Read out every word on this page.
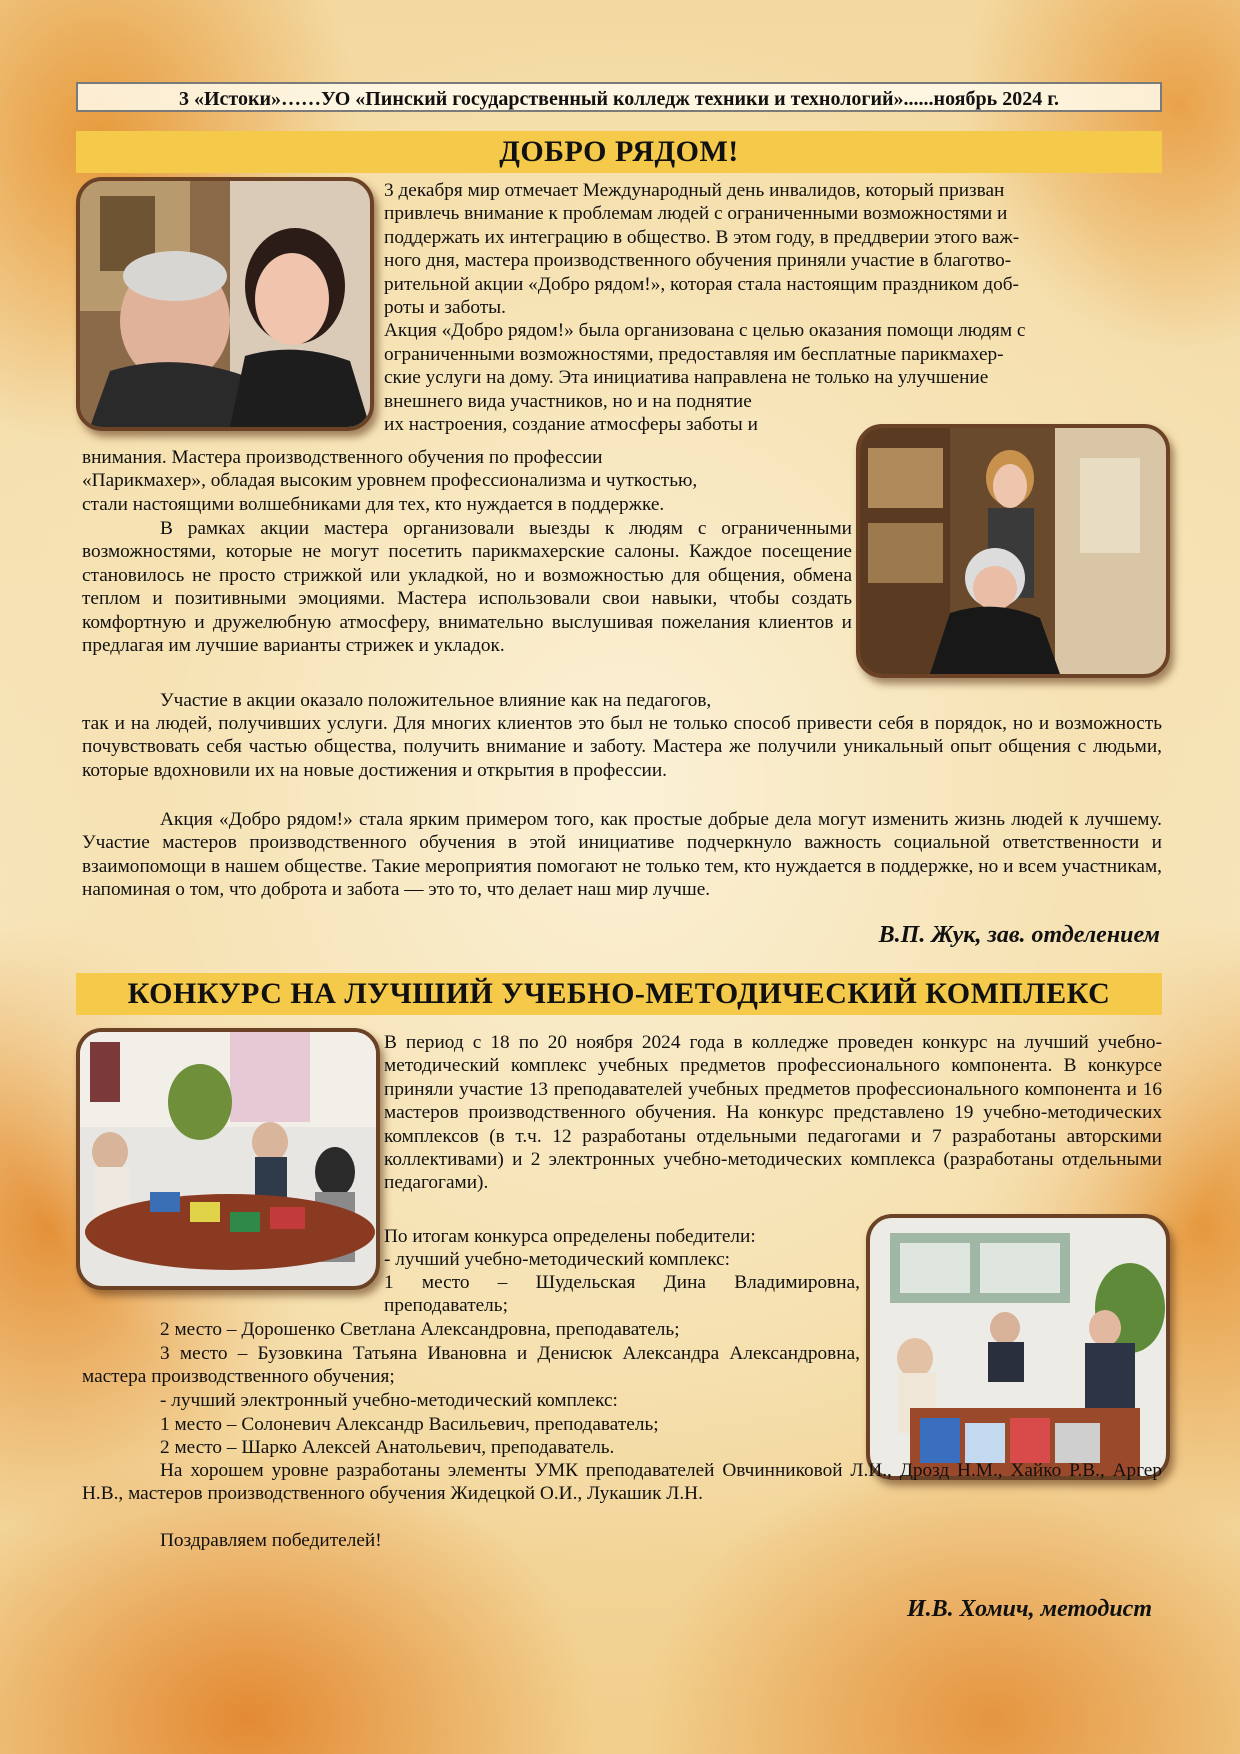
3 «Истоки»……УО «Пинский государственный колледж техники и технологий»......ноябрь 2024 г.
ДОБРО РЯДОМ!
3 декабря мир отмечает Международный день инвалидов, который призван
привлечь внимание к проблемам людей с ограниченными возможностями и
поддержать их интеграцию в общество. В этом году, в преддверии этого важ-
ного дня, мастера производственного обучения приняли участие в благотво-
рительной акции «Добро рядом!», которая стала настоящим праздником доб-
роты и заботы.
Акция «Добро рядом!» была организована с целью оказания помощи людям с
ограниченными возможностями, предоставляя им бесплатные парикмахер-
ские услуги на дому. Эта инициатива направлена не только на улучшение
внешнего вида участников, но и на поднятие
их настроения, создание атмосферы заботы и
внимания. Мастера производственного обучения по профессии
«Парикмахер», обладая высоким уровнем профессионализма и чуткостью,
стали настоящими волшебниками для тех, кто нуждается в поддержке.

В рамках акции мастера организовали выезды к людям с ограниченными возможностями, которые не могут посетить парикмахерские салоны. Каждое посещение становилось не просто стрижкой или укладкой, но и возможностью для общения, обмена теплом и позитивными эмоциями. Мастера использовали свои навыки, чтобы создать комфортную и дружелюбную атмосферу, внимательно выслушивая пожелания клиентов и предлагая им лучшие варианты стрижек и укладок.

Участие в акции оказало положительное влияние как на педагогов,

так и на людей, получивших услуги. Для многих клиентов это был не только способ привести себя в порядок, но и возможность почувствовать себя частью общества, получить внимание и заботу. Мастера же получили уникальный опыт общения с людьми, которые вдохновили их на новые достижения и открытия в профессии.

Акция «Добро рядом!» стала ярким примером того, как простые добрые дела могут изменить жизнь людей к лучшему. Участие мастеров производственного обучения в этой инициативе подчеркнуло важность социальной ответственности и взаимопомощи в нашем обществе. Такие мероприятия помогают не только тем, кто нуждается в поддержке, но и всем участникам, напоминая о том, что доброта и забота — это то, что делает наш мир лучше.

В.П. Жук, зав. отделением
КОНКУРС НА ЛУЧШИЙ УЧЕБНО-МЕТОДИЧЕСКИЙ КОМПЛЕКС

В период с 18 по 20 ноября 2024 года в колледже проведен конкурс на лучший учебно-методический комплекс учебных предметов профессионального компонента. В конкурсе приняли участие 13 преподавателей учебных предметов профессионального компонента и 16 мастеров производственного обучения. На конкурс представлено 19 учебно-методических комплексов (в т.ч. 12 разработаны отдельными педагогами и 7 разработаны авторскими коллективами) и 2 электронных учебно-методических комплекса (разработаны отдельными педагогами).

По итогам конкурса определены победители:
- лучший учебно-методический комплекс:

1 место – Шудельская Дина Владимировна, преподаватель;

2 место – Дорошенко Светлана Александровна, преподаватель;

3 место – Бузовкина Татьяна Ивановна и Денисюк Александра Александровна, мастера производственного обучения;

- лучший электронный учебно-методический комплекс:
1 место – Солоневич Александр Васильевич, преподаватель;
2 место – Шарко Алексей Анатольевич, преподаватель.

На хорошем уровне разработаны элементы УМК преподавателей Овчинниковой Л.И., Дрозд Н.М., Хайко Р.В., Аргер Н.В., мастеров производственного обучения Жидецкой О.И., Лукашик Л.Н.

Поздравляем победителей!
И.В. Хомич, методист
